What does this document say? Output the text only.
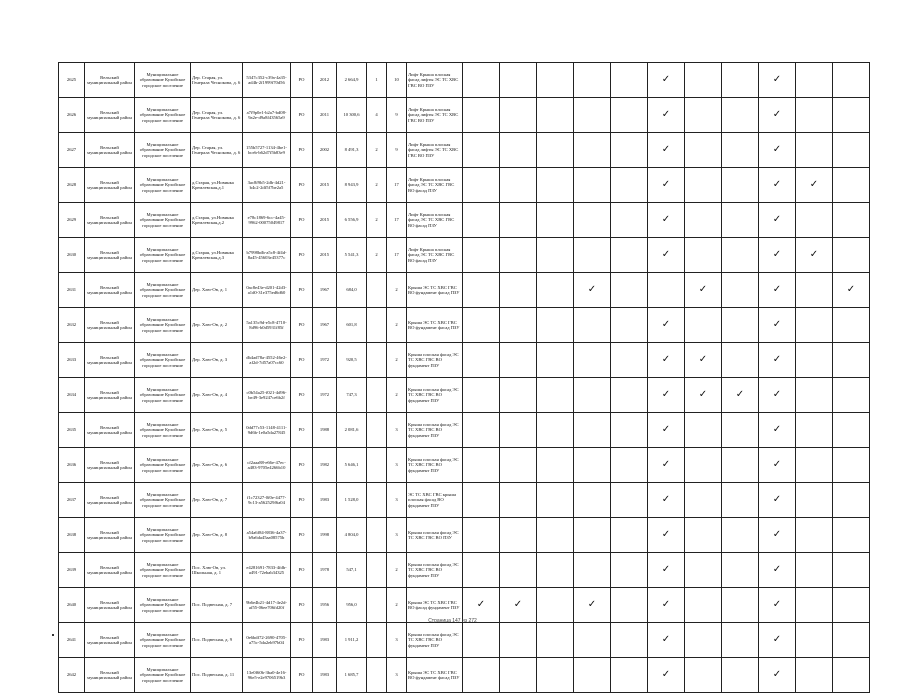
2625	Вельский муниципальный район	Муниципальное образование Кулойское городское поселение	Дер. Старая, ул. Генерала Чеснокова, д. 6	5347c352-c39a-4a35-ad4b-2f1999f70d56	PO	2012	2 664,9	1	10	Лифт Крыша плоская фасад лифты ЭС ТС ХВС ГВС ВО ПЗУ						✓			✓		
2626	Вельский муниципальный район	Муниципальное образование Кулойское городское поселение	Дер. Старая, ул. Генерала Чеснокова, д. 6	a7f9p0e1-b2a7-bd08-9a2e-d9a8f43565a9	PO	2011	10 300,6	4	9	Лифт Крыша плоская фасад лифты ЭС ТС ХВС ГВС ВО ПЗУ						✓			✓		
2627	Вельский муниципальный район	Муниципальное образование Кулойское городское поселение	Дер. Старая, ул. Генерала Чеснокова, д. 6	155b5727-1134-4be1-bceb-b62d7f5b83e9	PO	2002	8 491,3	2	9	Лифт Крыша плоская фасад лифты ЭС ТС ХВС ГВС ВО ПЗУ						✓			✓		
2628	Вельский муниципальный район	Муниципальное образование Кулойское городское поселение	д.Старая, ул.Новинка Кремлевская,д.1	3ac8f9b5-2db-4d21-b4c2-2df5f7be2a5	PO	2015	8 943,9	2	17	Лифт Крыша плоская фасад ЭС ТС ХВС ГВС ВО фасад ПЗУ						✓			✓	✓	
2629	Вельский муниципальный район	Муниципальное образование Кулойское городское поселение	д.Старая, ул.Новинка Кремлевская,д.2	e78c1869-6cc-4a45-9962-00075049817	PO	2015	6 556,9	2	17	Лифт Крыша плоская фасад ЭС ТС ХВС ГВС ВО фасад ПЗУ						✓			✓		
2630	Вельский муниципальный район	Муниципальное образование Кулойское городское поселение	д.Старая, ул.Новинка Кремлевская,д.3	b7998bdb-a5c8-4f4d-8a45-45603e45377c	PO	2015	5 541,3	2	17	Лифт Крыша плоская фасад ЭС ТС ХВС ГВС ВО фасад ПЗУ						✓			✓	✓	
2631	Вельский муниципальный район	Муниципальное образование Кулойское городское поселение	Дер. Хлю-Ов, д. 1	0ac8e43e-d201-42d3-a1d0-31e375ed6d60	PO	1967	684,0		2	Крыша ЭС ТС ХВС ГВС ВО фундамент фасад ПЗУ				✓			✓		✓		✓
2632	Вельский муниципальный район	Муниципальное образование Кулойское городское поселение	Дер. Хлю-Ов, д. 2	5a135c9d-e5c8-4710-8d96-b0d5931f85f	PO	1967	601,8		2	Крыша ЭС ТС ХВС ГВС ВО фундамент фасад ПЗУ						✓			✓		
2633	Вельский муниципальный район	Муниципальное образование Кулойское городское поселение	Дер. Хлю-Ов, д. 3	db4ad78a-4552-46e2-af2d-7d57a07cc60	PO	1972	920,5		2	Крыша плоская фасад ЭС ТС ХВС ГВС ВО фундамент ПЗУ						✓	✓		✓		
2634	Вельский муниципальный район	Муниципальное образование Кулойское городское поселение	Дер. Хлю-Ов, д. 4	c0b54a25-f021-4d96-be49-3e9247ce6b2f	PO	1972	747,3		2	Крыша плоская фасад ЭС ТС ХВС ГВС ВО фундамент ПЗУ						✓	✓	✓	✓		
2635	Вельский муниципальный район	Муниципальное образование Кулойское городское поселение	Дер. Хлю-Ов, д. 5	0dd77c53-1148-4111-9d6b-1e0a5da27845	PO	1988	2 081,6		3	Крыша плоская фасад ЭС ТС ХВС ГВС ВО фундамент ПЗУ						✓			✓		
2636	Вельский муниципальный район	Муниципальное образование Кулойское городское поселение	Дер. Хлю-Ов, д. 6	cf2aaa88-e66e-47ec-a483-9705e4266b10	PO	1982	5 646,1		3	Крыша плоская фасад ЭС ТС ХВС ГВС ВО фундамент ПЗУ						✓			✓		
2637	Вельский муниципальный район	Муниципальное образование Кулойское городское поселение	Дер. Хлю-Ов, д. 7	f1c72327-0f0e-4477-9c13-a562529f6a04	PO	1983	1 528,0		3	ЭС ТС ХВС ГВС крыша плоская фасад ВО фундамент ПЗУ						✓			✓		
2638	Вельский муниципальный район	Муниципальное образование Кулойское городское поселение	Дер. Хлю-Ов, д. 8	a54a6f84-8836-4a37-b9a6da45aa08575b	PO	1998	4 804,0		3	Крыша плоская фасад ЭС ТС ХВС ГВС ВО ПЗУ						✓			✓		
2639	Вельский муниципальный район	Муниципальное образование Кулойское городское поселение	Пос. Хлю-Ов, ул. Школьная, д. 1	e4281691-7833-4fdb-a491-72ebab34325	PO	1978	547,1		2	Крыша плоская фасад ЭС ТС ХВС ГВС ВО фундамент ПЗУ						✓			✓		
2640	Вельский муниципальный район	Муниципальное образование Кулойское городское поселение	Пос. Подвесная, д. 7	9b6e4b21-4d17-4e2d-af55-06ee706fd20f	PO	1956	956,0		2	Крыша ЭС ТС ХВС ГВС ВО фасад фундамент ПЗУ	✓	✓		✓		✓			✓		
2641	Вельский муниципальный район	Муниципальное образование Кулойское городское поселение	Пос. Подвесная, д. 9	0e6bdf72-2690-4705-a75c-5da2eb97b04	PO	1983	1 911,2		3	Крыша плоская фасад ЭС ТС ХВС ГВС ВО фундамент ПЗУ						✓			✓		
2642	Вельский муниципальный район	Муниципальное образование Кулойское городское поселение	Пос. Подвесная, д. 11	13e0f60b-3ba0-4e16-96e5-e2e9706519b3	PO	1983	1 685,7		3	Крыша ЭС ТС ХВС ГВС ВО фундамент фасад ПЗУ						✓			✓		
Страница 147 из 272
